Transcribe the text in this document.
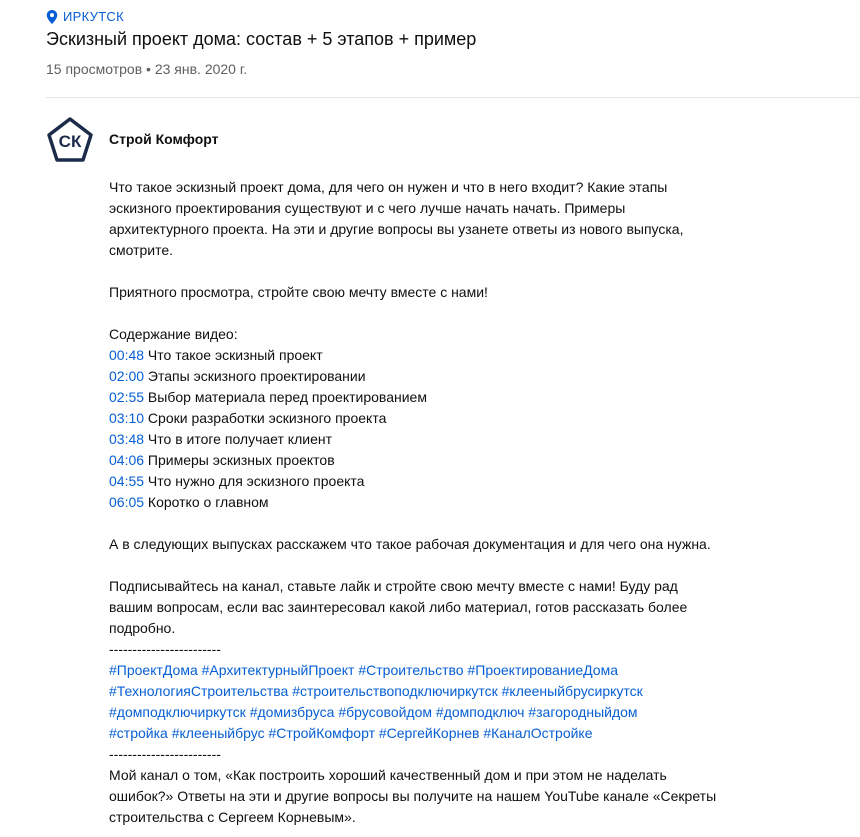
ИРКУТСК
Эскизный проект дома: состав + 5 этапов + пример
15 просмотров • 23 янв. 2020 г.
СК Строй Комфорт

Что такое эскизный проект дома, для чего он нужен и что в него входит? Какие этапы

эскизного проектирования существуют и с чего лучше начать начать. Примеры

архитектурного проекта. На эти и другие вопросы вы узанете ответы из нового выпуска,

смотрите.

Приятного просмотра, стройте свою мечту вместе с нами!

Содержание видео:

00:48 Что такое эскизный проект

02:00 Этапы эскизного проектировании

02:55 Выбор материала перед проектированием

03:10 Сроки разработки эскизного проекта

03:48 Что в итоге получает клиент

04:06 Примеры эскизных проектов

04:55 Что нужно для эскизного проекта

06:05 Коротко о главном

А в следующих выпусках расскажем что такое рабочая документация и для чего она нужна.

Подписывайтесь на канал, ставьте лайк и стройте свою мечту вместе с нами! Буду рад

вашим вопросам, если вас заинтересовал какой либо материал, готов рассказать более

подробно.

------------------------

#ПроектДома #АрхитектурныйПроект #Строительство #ПроектированиеДома

#ТехнологияСтроительства #строительствоподключиркутск #клееныйбрусиркутск

#домподключиркутск #домизбруса #брусовойдом #домподключ #загородныйдом

#стройка #клееныйбрус #СтройКомфорт #СергейКорнев #КаналОстройке

------------------------

Мой канал о том, «Как построить хороший качественный дом и при этом не наделать

ошибок?» Ответы на эти и другие вопросы вы получите на нашем YouTube канале «Секреты

строительства с Сергеем Корневым».
